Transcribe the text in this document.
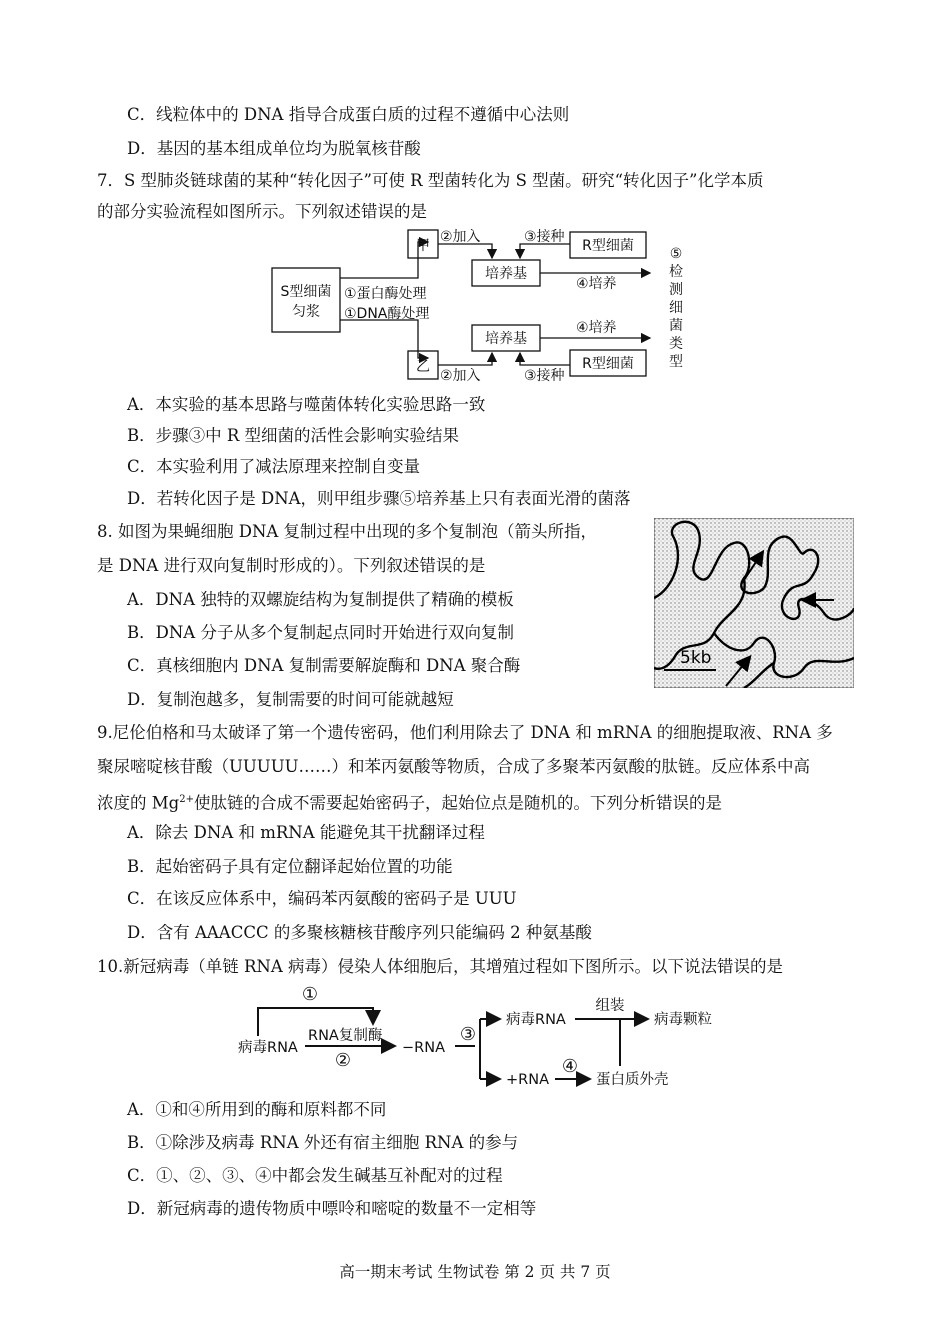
C．线粒体中的 DNA 指导合成蛋白质的过程不遵循中心法则
D．基因的基本组成单位均为脱氧核苷酸
7．S 型肺炎链球菌的某种“转化因子”可使 R 型菌转化为 S 型菌。研究“转化因子”化学本质
的部分实验流程如图所示。下列叙述错误的是
S型细菌
匀浆
①蛋白酶处理
①DNA酶处理
甲
乙
②加入
②加入
③接种
③接种
培养基
培养基
R型细菌
R型细菌
④培养
④培养
⑤
检
测
细
菌
类
型
A．本实验的基本思路与噬菌体转化实验思路一致
B．步骤③中 R 型细菌的活性会影响实验结果
C．本实验利用了减法原理来控制自变量
D．若转化因子是 DNA，则甲组步骤⑤培养基上只有表面光滑的菌落
8. 如图为果蝇细胞 DNA 复制过程中出现的多个复制泡（箭头所指，
是 DNA 进行双向复制时形成的）。下列叙述错误的是
5kb
A．DNA 独特的双螺旋结构为复制提供了精确的模板
B．DNA 分子从多个复制起点同时开始进行双向复制
C．真核细胞内 DNA 复制需要解旋酶和 DNA 聚合酶
D．复制泡越多，复制需要的时间可能就越短
9.尼伦伯格和马太破译了第一个遗传密码，他们利用除去了 DNA 和 mRNA 的细胞提取液、RNA 多
聚尿嘧啶核苷酸（UUUUU……）和苯丙氨酸等物质，合成了多聚苯丙氨酸的肽链。反应体系中高
浓度的 $Mg^{2+}$使肽链的合成不需要起始密码子，起始位点是随机的。下列分析错误的是
A．除去 DNA 和 mRNA 能避免其干扰翻译过程
B．起始密码子具有定位翻译起始位置的功能
C．在该反应体系中，编码苯丙氨酸的密码子是 UUU
D．含有 AAACCC 的多聚核糖核苷酸序列只能编码 2 种氨基酸
10.新冠病毒（单链 RNA 病毒）侵染人体细胞后，其增殖过程如下图所示。以下说法错误的是
①
病毒RNA
RNA复制酶
②
−RNA
③
病毒RNA
+RNA
④
组装
病毒颗粒
蛋白质外壳
A．①和④所用到的酶和原料都不同
B．①除涉及病毒 RNA 外还有宿主细胞 RNA 的参与
C．①、②、③、④中都会发生碱基互补配对的过程
D．新冠病毒的遗传物质中嘌呤和嘧啶的数量不一定相等
高一期末考试 生物试卷 第 2 页 共 7 页
